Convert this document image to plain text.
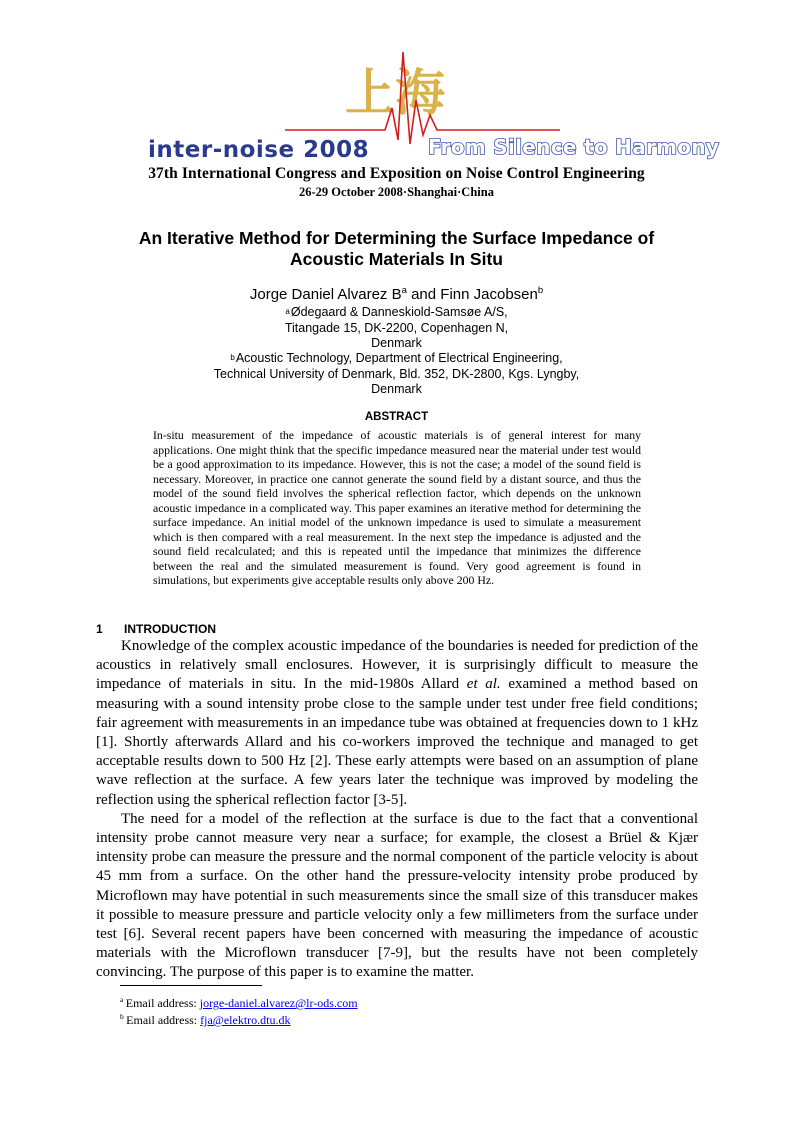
上海
inter-noise 2008	From Silence to Harmony
37th International Congress and Exposition on Noise Control Engineering
26-29 October 2008·Shanghai·China
An Iterative Method for Determining the Surface Impedance of
Acoustic Materials In Situ
Jorge Daniel Alvarez $B^a$ and Finn Jacobsen$^b$
$^a$ Ødegaard & Danneskiold-Samsøe A/S,
Titangade 15, DK-2200, Copenhagen N,
Denmark
$^b$ Acoustic Technology, Department of Electrical Engineering,
Technical University of Denmark, Bld. 352, DK-2800, Kgs. Lyngby,
Denmark
ABSTRACT
In-situ measurement of the impedance of acoustic materials is of general interest for many applications. One might think that the specific impedance measured near the material under test would be a good approximation to its impedance. However, this is not the case; a model of the sound field is necessary. Moreover, in practice one cannot generate the sound field by a distant source, and thus the model of the sound field involves the spherical reflection factor, which depends on the unknown acoustic impedance in a complicated way. This paper examines an iterative method for determining the surface impedance. An initial model of the unknown impedance is used to simulate a measurement which is then compared with a real measurement. In the next step the impedance is adjusted and the sound field recalculated; and this is repeated until the impedance that minimizes the difference between the real and the simulated measurement is found. Very good agreement is found in simulations, but experiments give acceptable results only above 200 Hz.
1 INTRODUCTION

Knowledge of the complex acoustic impedance of the boundaries is needed for prediction of the acoustics in relatively small enclosures. However, it is surprisingly difficult to measure the impedance of materials in situ. In the mid-1980s Allard et al. examined a method based on measuring with a sound intensity probe close to the sample under test under free field conditions; fair agreement with measurements in an impedance tube was obtained at frequencies down to 1 kHz [1]. Shortly afterwards Allard and his co-workers improved the technique and managed to get acceptable results down to 500 Hz [2]. These early attempts were based on an assumption of plane wave reflection at the surface. A few years later the technique was improved by modeling the reflection using the spherical reflection factor [3-5].

The need for a model of the reflection at the surface is due to the fact that a conventional intensity probe cannot measure very near a surface; for example, the closest a Brüel & Kjær intensity probe can measure the pressure and the normal component of the particle velocity is about 45 mm from a surface. On the other hand the pressure-velocity intensity probe produced by Microflown may have potential in such measurements since the small size of this transducer makes it possible to measure pressure and particle velocity only a few millimeters from the surface under test [6]. Several recent papers have been concerned with measuring the impedance of acoustic materials with the Microflown transducer [7-9], but the results have not been completely convincing. The purpose of this paper is to examine the matter.

$^a$  Email address: jorge-daniel.alvarez@lr-ods.com
$^b$  Email address: fja@elektro.dtu.dk
